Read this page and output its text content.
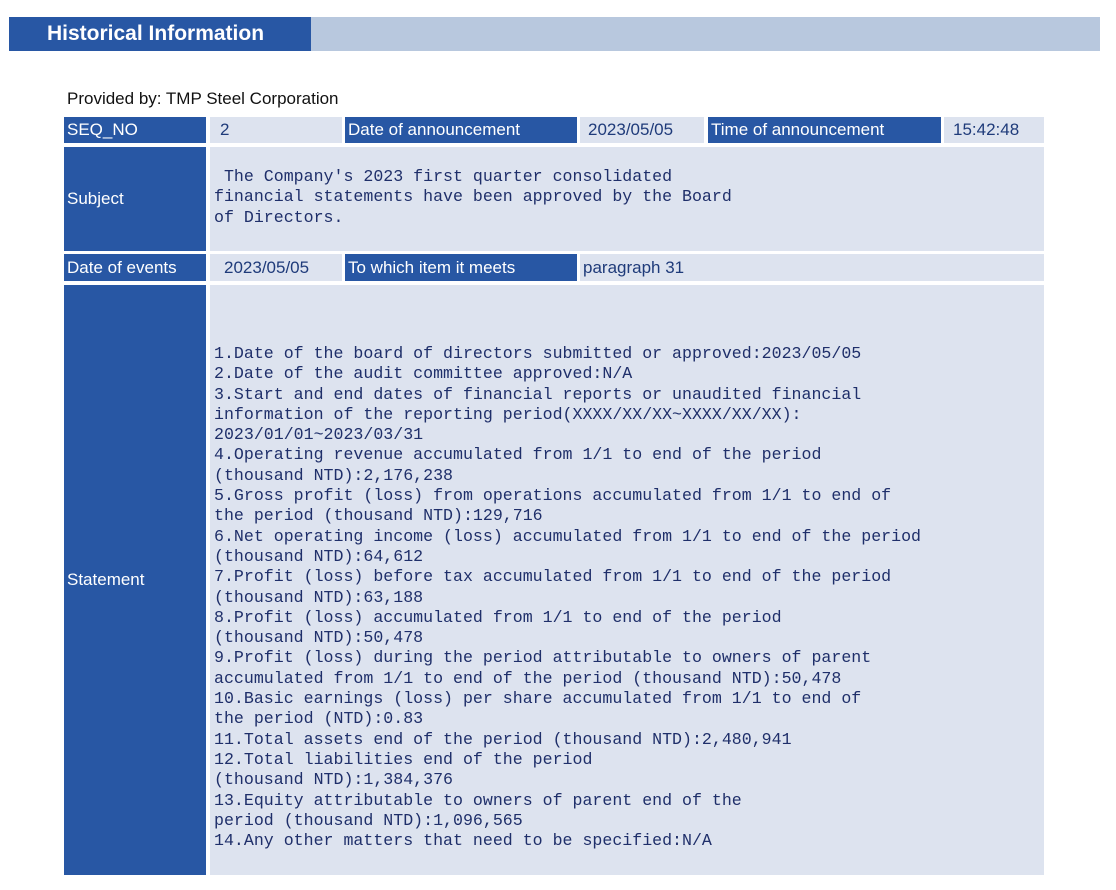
Historical Information
Provided by: TMP Steel Corporation
SEQ_NO	2	Date of announcement	2023/05/05	Time of announcement	15:42:48
Subject
The Company's 2023 first quarter consolidated
financial statements have been approved by the Board
of Directors.
Date of events	2023/05/05	To which item it meets	paragraph 31
Statement
1.Date of the board of directors submitted or approved:2023/05/05
2.Date of the audit committee approved:N/A
3.Start and end dates of financial reports or unaudited financial
information of the reporting period(XXXX/XX/XX~XXXX/XX/XX):
2023/01/01~2023/03/31
4.Operating revenue accumulated from 1/1 to end of the period
(thousand NTD):2,176,238
5.Gross profit (loss) from operations accumulated from 1/1 to end of
the period (thousand NTD):129,716
6.Net operating income (loss) accumulated from 1/1 to end of the period
(thousand NTD):64,612
7.Profit (loss) before tax accumulated from 1/1 to end of the period
(thousand NTD):63,188
8.Profit (loss) accumulated from 1/1 to end of the period
(thousand NTD):50,478
9.Profit (loss) during the period attributable to owners of parent
accumulated from 1/1 to end of the period (thousand NTD):50,478
10.Basic earnings (loss) per share accumulated from 1/1 to end of
the period (NTD):0.83
11.Total assets end of the period (thousand NTD):2,480,941
12.Total liabilities end of the period
(thousand NTD):1,384,376
13.Equity attributable to owners of parent end of the
period (thousand NTD):1,096,565
14.Any other matters that need to be specified:N/A
